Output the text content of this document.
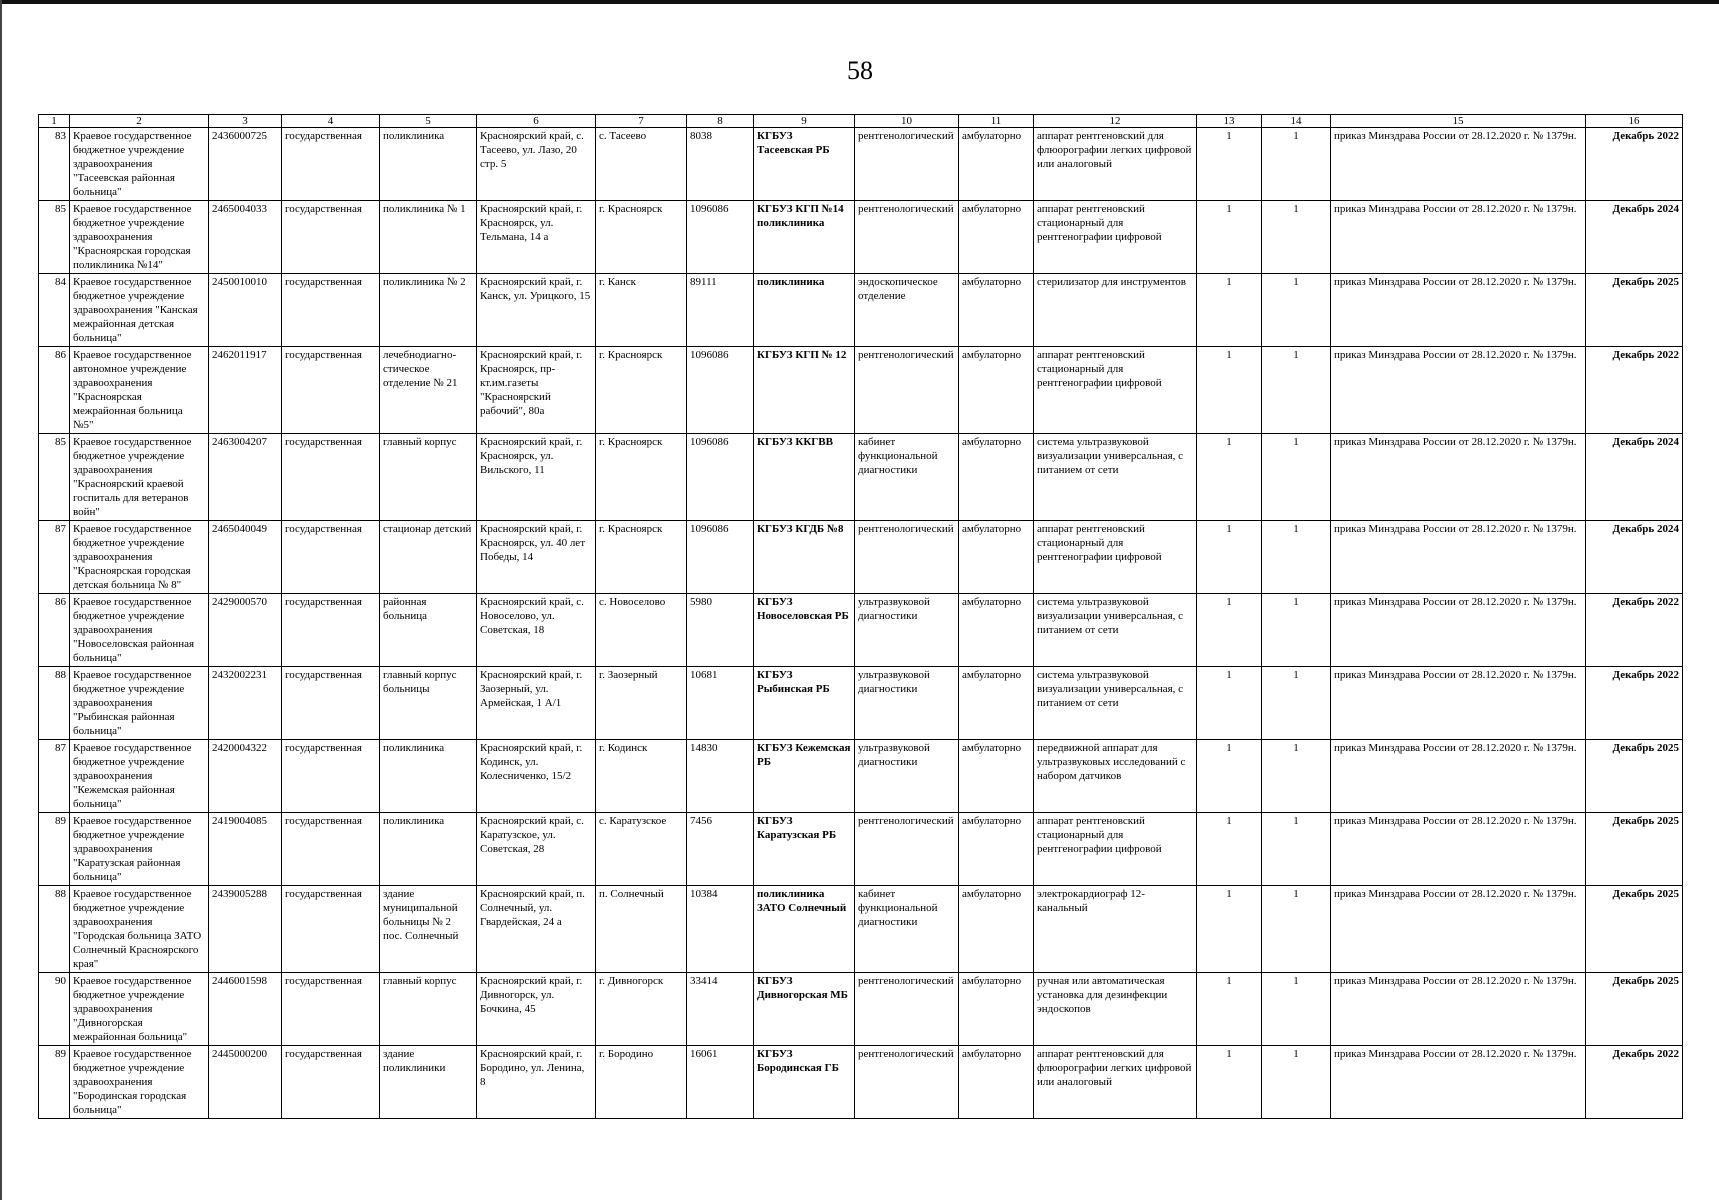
58
1	2	3	4	5	6	7	8	9	10	11	12	13	14	15	16
83	Краевое государственное бюджетное учреждение здравоохранения "Тасеевская районная больница"	2436000725	государственная	поликлиника	Красноярский край, с. Тасеево, ул. Лазо, 20 стр. 5	с. Тасеево	8038	КГБУЗ Тасеевская РБ	рентгенологический	амбулаторно	аппарат рентгеновский для флюорографии легких цифровой или аналоговый	1	1	приказ Минздрава России от 28.12.2020 г. № 1379н.	Декабрь 2022
85	Краевое государственное бюджетное учреждение здравоохранения "Красноярская городская поликлиника №14"	2465004033	государственная	поликлиника № 1	Красноярский край, г. Красноярск, ул. Тельмана, 14 а	г. Красноярск	1096086	КГБУЗ КГП №14 поликлиника	рентгенологический	амбулаторно	аппарат рентгеновский стационарный для рентгенографии цифровой	1	1	приказ Минздрава России от 28.12.2020 г. № 1379н.	Декабрь 2024
84	Краевое государственное бюджетное учреждение здравоохранения "Канская межрайонная детская больница"	2450010010	государственная	поликлиника № 2	Красноярский край, г. Канск, ул. Урицкого, 15	г. Канск	89111	поликлиника	эндоскопическое отделение	амбулаторно	стерилизатор для инструментов	1	1	приказ Минздрава России от 28.12.2020 г. № 1379н.	Декабрь 2025
86	Краевое государственное автономное учреждение здравоохранения "Красноярская межрайонная больница №5"	2462011917	государственная	лечебнодиагно-стическое отделение № 21	Красноярский край, г. Красноярск, пр-кт.им.газеты "Красноярский рабочий", 80а	г. Красноярск	1096086	КГБУЗ КГП № 12	рентгенологический	амбулаторно	аппарат рентгеновский стационарный для рентгенографии цифровой	1	1	приказ Минздрава России от 28.12.2020 г. № 1379н.	Декабрь 2022
85	Краевое государственное бюджетное учреждение здравоохранения "Красноярский краевой госпиталь для ветеранов войн"	2463004207	государственная	главный корпус	Красноярский край, г. Красноярск, ул. Вильского, 11	г. Красноярск	1096086	КГБУЗ ККГВВ	кабинет функциональной диагностики	амбулаторно	система ультразвуковой визуализации универсальная, с питанием от сети	1	1	приказ Минздрава России от 28.12.2020 г. № 1379н.	Декабрь 2024
87	Краевое государственное бюджетное учреждение здравоохранения "Красноярская городская детская больница № 8"	2465040049	государственная	стационар детский	Красноярский край, г. Красноярск, ул. 40 лет Победы, 14	г. Красноярск	1096086	КГБУЗ КГДБ №8	рентгенологический	амбулаторно	аппарат рентгеновский стационарный для рентгенографии цифровой	1	1	приказ Минздрава России от 28.12.2020 г. № 1379н.	Декабрь 2024
86	Краевое государственное бюджетное учреждение здравоохранения "Новоселовская районная больница"	2429000570	государственная	районная больница	Красноярский край, с. Новоселово, ул. Советская, 18	с. Новоселово	5980	КГБУЗ Новоселовская РБ	ультразвуковой диагностики	амбулаторно	система ультразвуковой визуализации универсальная, с питанием от сети	1	1	приказ Минздрава России от 28.12.2020 г. № 1379н.	Декабрь 2022
88	Краевое государственное бюджетное учреждение здравоохранения "Рыбинская районная больница"	2432002231	государственная	главный корпус больницы	Красноярский край, г. Заозерный, ул. Армейская, 1 А/1	г. Заозерный	10681	КГБУЗ Рыбинская РБ	ультразвуковой диагностики	амбулаторно	система ультразвуковой визуализации универсальная, с питанием от сети	1	1	приказ Минздрава России от 28.12.2020 г. № 1379н.	Декабрь 2022
87	Краевое государственное бюджетное учреждение здравоохранения "Кежемская районная больница"	2420004322	государственная	поликлиника	Красноярский край, г. Кодинск, ул. Колесниченко, 15/2	г. Кодинск	14830	КГБУЗ Кежемская РБ	ультразвуковой диагностики	амбулаторно	передвижной аппарат для ультразвуковых исследований с набором датчиков	1	1	приказ Минздрава России от 28.12.2020 г. № 1379н.	Декабрь 2025
89	Краевое государственное бюджетное учреждение здравоохранения "Каратузская районная больница"	2419004085	государственная	поликлиника	Красноярский край, с. Каратузское, ул. Советская, 28	с. Каратузское	7456	КГБУЗ Каратузская РБ	рентгенологический	амбулаторно	аппарат рентгеновский стационарный для рентгенографии цифровой	1	1	приказ Минздрава России от 28.12.2020 г. № 1379н.	Декабрь 2025
88	Краевое государственное бюджетное учреждение здравоохранения "Городская больница ЗАТО Солнечный Красноярского края"	2439005288	государственная	здание муниципальной больницы № 2 пос. Солнечный	Красноярский край, п. Солнечный, ул. Гвардейская, 24 а	п. Солнечный	10384	поликлиника ЗАТО Солнечный	кабинет функциональной диагностики	амбулаторно	электрокардиограф 12-канальный	1	1	приказ Минздрава России от 28.12.2020 г. № 1379н.	Декабрь 2025
90	Краевое государственное бюджетное учреждение здравоохранения "Дивногорская межрайонная больница"	2446001598	государственная	главный корпус	Красноярский край, г. Дивногорск, ул. Бочкина, 45	г. Дивногорск	33414	КГБУЗ Дивногорская МБ	рентгенологический	амбулаторно	ручная или автоматическая установка для дезинфекции эндоскопов	1	1	приказ Минздрава России от 28.12.2020 г. № 1379н.	Декабрь 2025
89	Краевое государственное бюджетное учреждение здравоохранения "Бородинская городская больница"	2445000200	государственная	здание поликлиники	Красноярский край, г. Бородино, ул. Ленина, 8	г. Бородино	16061	КГБУЗ Бородинская ГБ	рентгенологический	амбулаторно	аппарат рентгеновский для флюорографии легких цифровой или аналоговый	1	1	приказ Минздрава России от 28.12.2020 г. № 1379н.	Декабрь 2022
